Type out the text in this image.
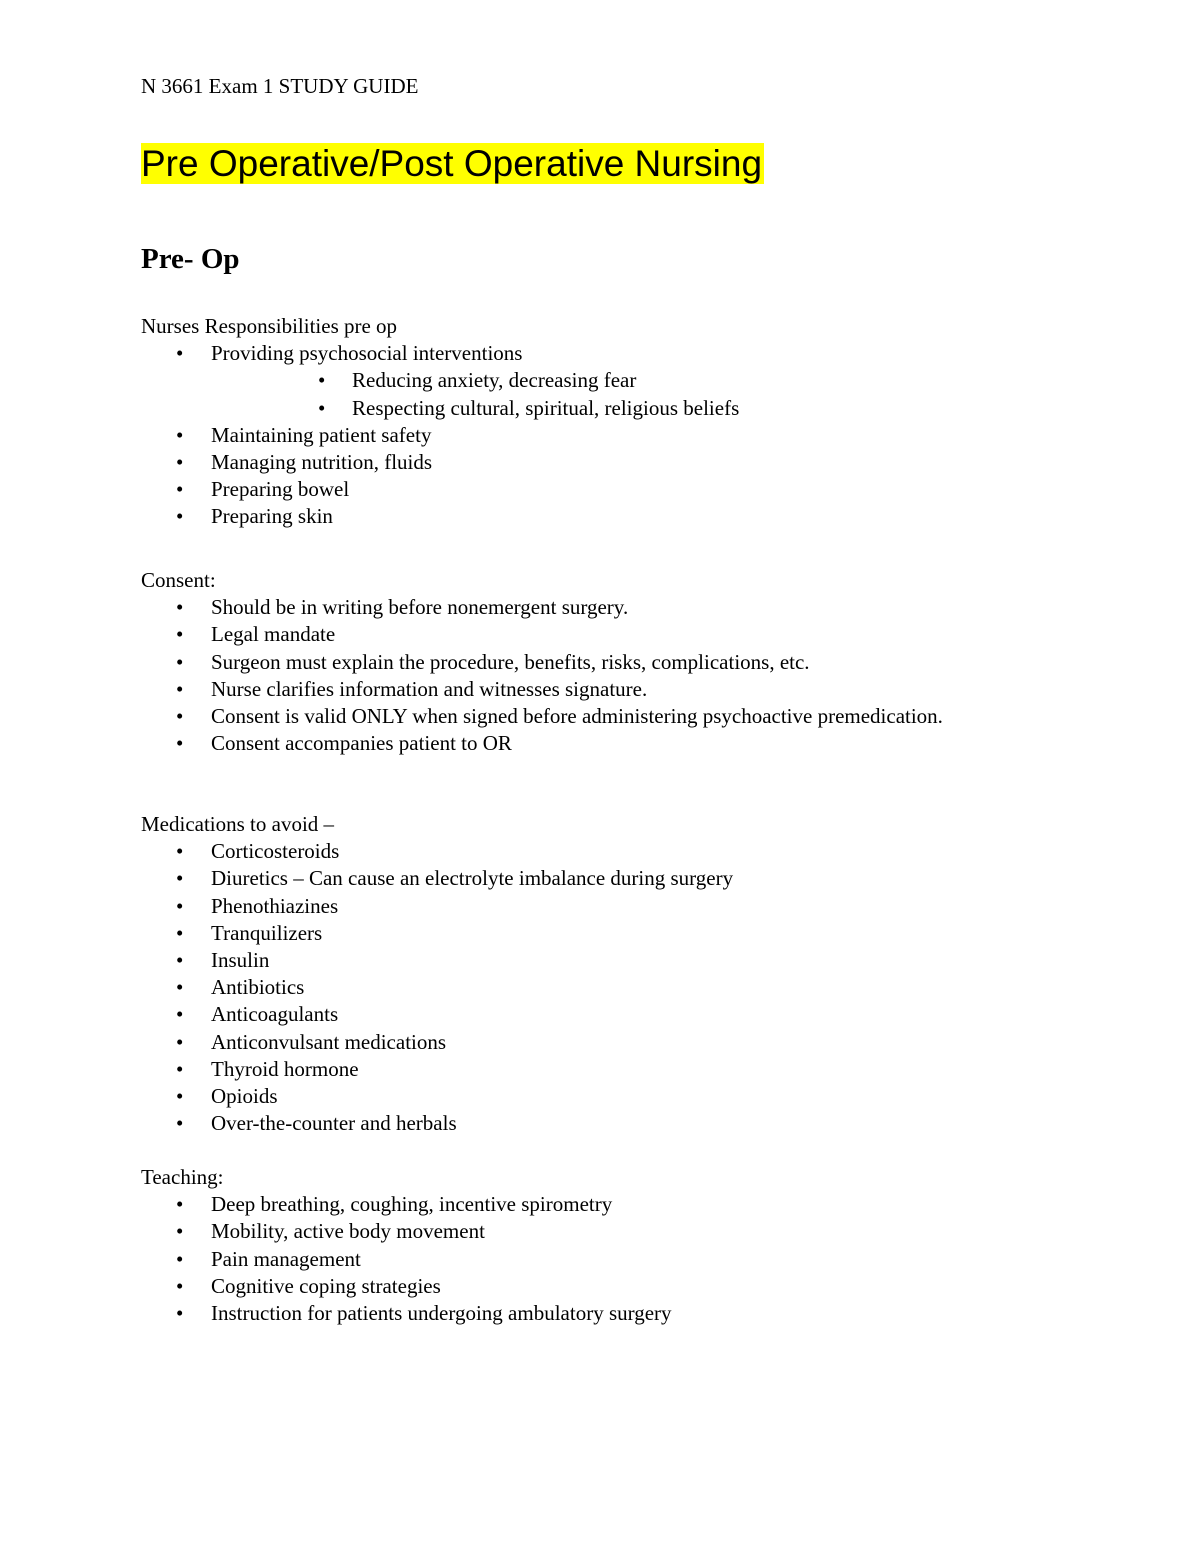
N 3661 Exam 1 STUDY GUIDE
Pre Operative/Post Operative Nursing
Pre- Op
Nurses Responsibilities pre op
• Providing psychosocial interventions
• Reducing anxiety, decreasing fear
• Respecting cultural, spiritual, religious beliefs
• Maintaining patient safety
• Managing nutrition, fluids
• Preparing bowel
• Preparing skin
Consent:
• Should be in writing before nonemergent surgery.
• Legal mandate
• Surgeon must explain the procedure, benefits, risks, complications, etc.
• Nurse clarifies information and witnesses signature.
• Consent is valid ONLY when signed before administering psychoactive premedication.
• Consent accompanies patient to OR
Medications to avoid –
• Corticosteroids
• Diuretics – Can cause an electrolyte imbalance during surgery
• Phenothiazines
• Tranquilizers
• Insulin
• Antibiotics
• Anticoagulants
• Anticonvulsant medications
• Thyroid hormone
• Opioids
• Over-the-counter and herbals
Teaching:
• Deep breathing, coughing, incentive spirometry
• Mobility, active body movement
• Pain management
• Cognitive coping strategies
• Instruction for patients undergoing ambulatory surgery
